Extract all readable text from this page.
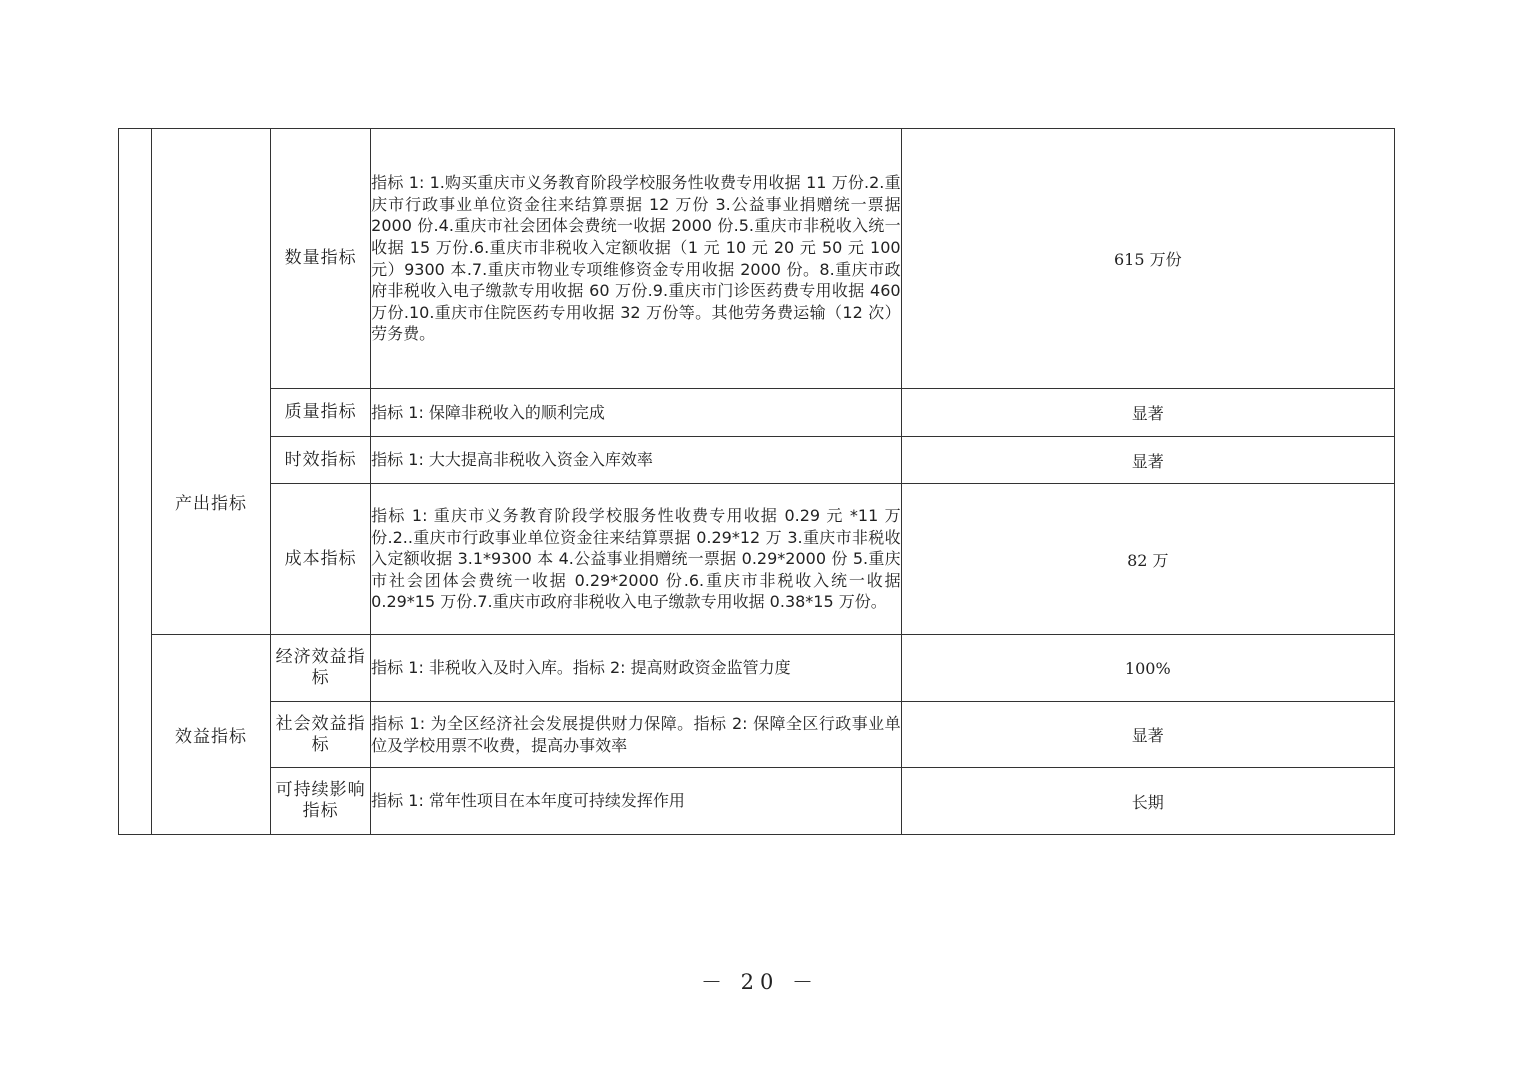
	产出指标	数量指标	指标 1: 1.购买重庆市义务教育阶段学校服务性收费专用收据 11 万份.2.重庆市行政事业单位资金往来结算票据 12 万份 3.公益事业捐赠统一票据 2000 份.4.重庆市社会团体会费统一收据 2000 份.5.重庆市非税收入统一收据 15 万份.6.重庆市非税收入定额收据（1 元 10 元 20 元 50 元 100 元）9300 本.7.重庆市物业专项维修资金专用收据 2000 份。8.重庆市政府非税收入电子缴款专用收据 60 万份.9.重庆市门诊医药费专用收据 460 万份.10.重庆市住院医药专用收据 32 万份等。其他劳务费运输（12 次）劳务费。	615 万份
		质量指标	指标 1: 保障非税收入的顺利完成	显著
		时效指标	指标 1: 大大提高非税收入资金入库效率	显著
		成本指标	指标 1: 重庆市义务教育阶段学校服务性收费专用收据 0.29 元 *11 万份.2..重庆市行政事业单位资金往来结算票据 0.29*12 万 3.重庆市非税收入定额收据 3.1*9300 本 4.公益事业捐赠统一票据 0.29*2000 份 5.重庆市社会团体会费统一收据 0.29*2000 份.6.重庆市非税收入统一收据 0.29*15 万份.7.重庆市政府非税收入电子缴款专用收据 0.38*15 万份。	82 万
	效益指标	经济效益指标	指标 1: 非税收入及时入库。指标 2: 提高财政资金监管力度	100%
		社会效益指标	指标 1: 为全区经济社会发展提供财力保障。指标 2: 保障全区行政事业单位及学校用票不收费，提高办事效率	显著
		可持续影响指标	指标 1: 常年性项目在本年度可持续发挥作用	长期
－ 20 －
